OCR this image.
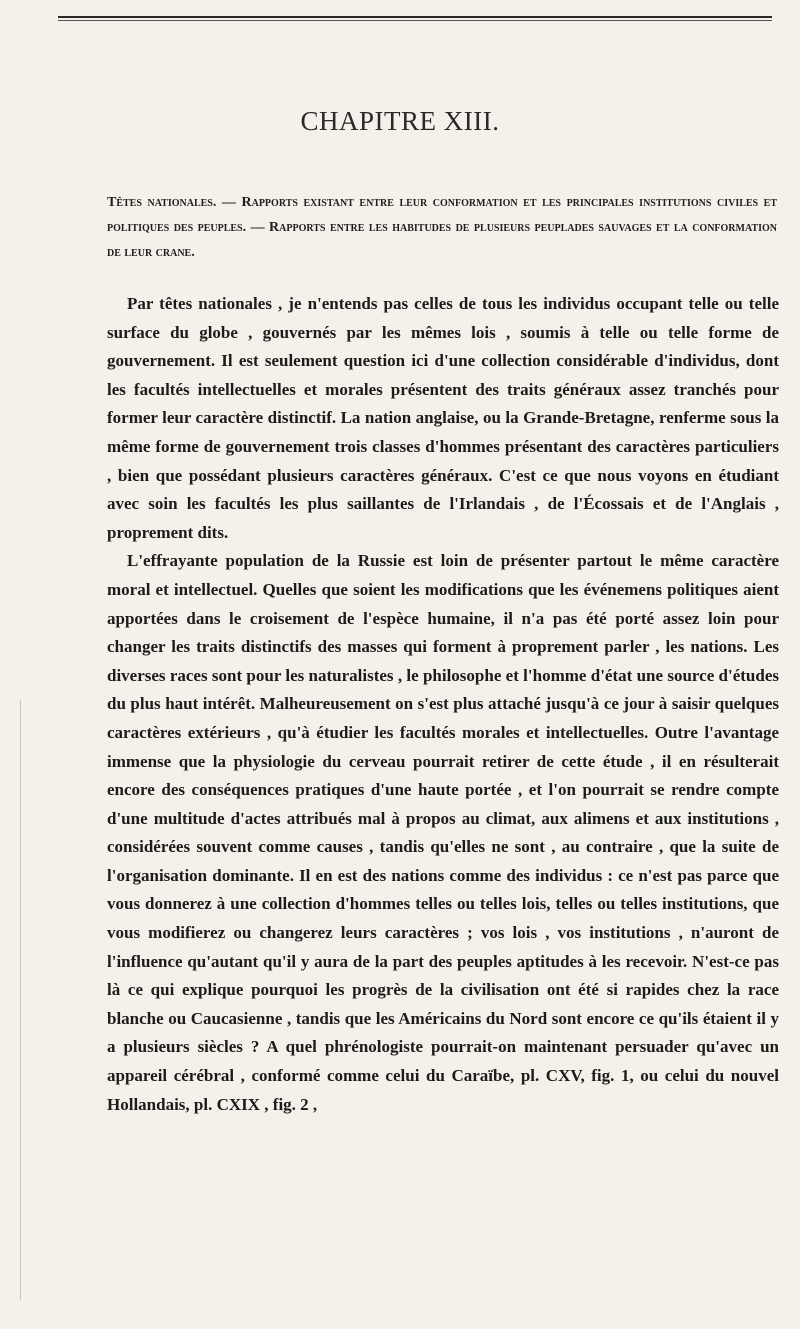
CHAPITRE XIII.
Têtes nationales. — Rapports existant entre leur conformation et les principales institutions civiles et politiques des peuples. — Rapports entre les habitudes de plusieurs peuplades sauvages et la conformation de leur crane.

Par têtes nationales , je n'entends pas celles de tous les individus occupant telle ou telle surface du globe , gouvernés par les mêmes lois , soumis à telle ou telle forme de gouvernement. Il est seulement question ici d'une collection considérable d'individus, dont les facultés intellectuelles et morales présentent des traits généraux assez tranchés pour former leur caractère distinctif. La nation anglaise, ou la Grande-Bretagne, renferme sous la même forme de gouvernement trois classes d'hommes présentant des caractères particuliers , bien que possédant plusieurs caractères généraux. C'est ce que nous voyons en étudiant avec soin les facultés les plus saillantes de l'Irlandais , de l'Écossais et de l'Anglais , proprement dits.

L'effrayante population de la Russie est loin de présenter partout le même caractère moral et intellectuel. Quelles que soient les modifications que les événemens politiques aient apportées dans le croisement de l'espèce humaine, il n'a pas été porté assez loin pour changer les traits distinctifs des masses qui forment à proprement parler , les nations. Les diverses races sont pour les naturalistes , le philosophe et l'homme d'état une source d'études du plus haut intérêt. Malheureusement on s'est plus attaché jusqu'à ce jour à saisir quelques caractères extérieurs , qu'à étudier les facultés morales et intellectuelles. Outre l'avantage immense que la physiologie du cerveau pourrait retirer de cette étude , il en résulterait encore des conséquences pratiques d'une haute portée , et l'on pourrait se rendre compte d'une multitude d'actes attribués mal à propos au climat, aux alimens et aux institutions , considérées souvent comme causes , tandis qu'elles ne sont , au contraire , que la suite de l'organisation dominante. Il en est des nations comme des individus : ce n'est pas parce que vous donnerez à une collection d'hommes telles ou telles lois, telles ou telles institutions, que vous modifierez ou changerez leurs caractères ; vos lois , vos institutions , n'auront de l'influence qu'autant qu'il y aura de la part des peuples aptitudes à les recevoir. N'est-ce pas là ce qui explique pourquoi les progrès de la civilisation ont été si rapides chez la race blanche ou Caucasienne , tandis que les Américains du Nord sont encore ce qu'ils étaient il y a plusieurs siècles ? A quel phrénologiste pourrait-on maintenant persuader qu'avec un appareil cérébral , conformé comme celui du Caraïbe, pl. CXV, fig. 1, ou celui du nouvel Hollandais, pl. CXIX , fig. 2 ,
